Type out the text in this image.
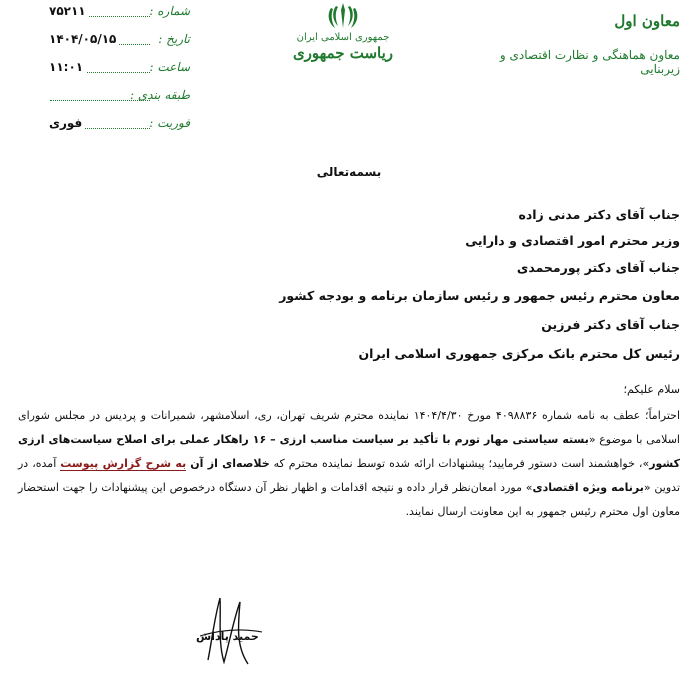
معاون اول
معاون هماهنگی و نظارت اقتصادی و زیربنایی
جمهوری اسلامی ایران
ریاست جمهوری
شماره :
۷۵۲۱۱
تاریخ :
۱۴۰۴/۰۵/۱۵
ساعت :
۱۱:۰۱
طبقه بندی :
فوریت :
فوری
بسمه‌تعالی
جناب آقای دکتر مدنی زاده
وزیر محترم امور اقتصادی و دارایی
جناب آقای دکتر پورمحمدی
معاون محترم رئیس جمهور و رئیس سازمان برنامه و بودجه کشور
جناب آقای دکتر فرزین
رئیس کل محترم بانک مرکزی جمهوری اسلامی ایران
سلام علیکم؛
احتراماً؛ عطف به نامه شماره ۴۰۹۸۸۳۶ مورخ ۱۴۰۴/۴/۳۰ نماینده محترم شریف تهران، ری، اسلامشهر، شمیرانات و پردیس در مجلس شورای اسلامی با موضوع «بسته سیاستی مهار تورم با تأکید بر سیاست مناسب ارزی – ۱۶ راهکار عملی برای اصلاح سیاست‌های ارزی کشور»، خواهشمند است دستور فرمایید؛ پیشنهادات ارائه شده توسط نماینده محترم که خلاصه‌ای از آن به شرح گزارش پیوست آمده، در تدوین «برنامه ویژه اقتصادی» مورد امعان‌نظر قرار داده و نتیجه اقدامات و اظهار نظر آن دستگاه درخصوص این پیشنهادات را جهت استحضار معاون اول محترم رئیس جمهور به این معاونت ارسال نمایند.
حمید پاداش
